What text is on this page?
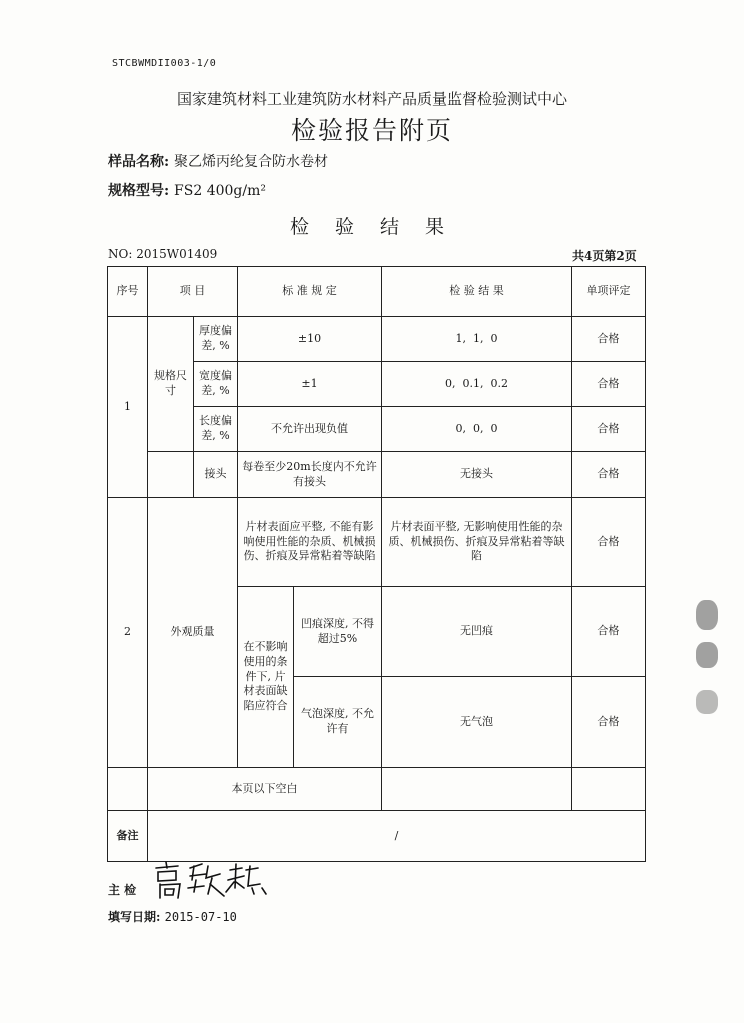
STCBWMDII003-1/0
国家建筑材料工业建筑防水材料产品质量监督检验测试中心
检验报告附页
样品名称: 聚乙烯丙纶复合防水卷材
规格型号: FS2 400g/m²
检 验 结 果
NO: 2015W01409	共4页第2页
序号	项 目		标 准 规 定		检 验 结 果	单项评定
1	规格尺寸	厚度偏差, %	±10		1,  1,  0	合格
		宽度偏差, %	±1		0,  0.1,  0.2	合格
		长度偏差, %	不允许出现负值		0,  0,  0	合格
		接头	每卷至少20m长度内不允许有接头		无接头	合格
2	外观质量		片材表面应平整, 不能有影响使用性能的杂质、机械损伤、折痕及异常粘着等缺陷		片材表面平整, 无影响使用性能的杂质、机械损伤、折痕及异常粘着等缺陷	合格
			在不影响使用的条件下, 片材表面缺陷应符合	凹痕深度, 不得超过5%	无凹痕	合格
				气泡深度, 不允许有	无气泡	合格
	本页以下空白					
备注	/					
主 检
填写日期: 2015-07-10
